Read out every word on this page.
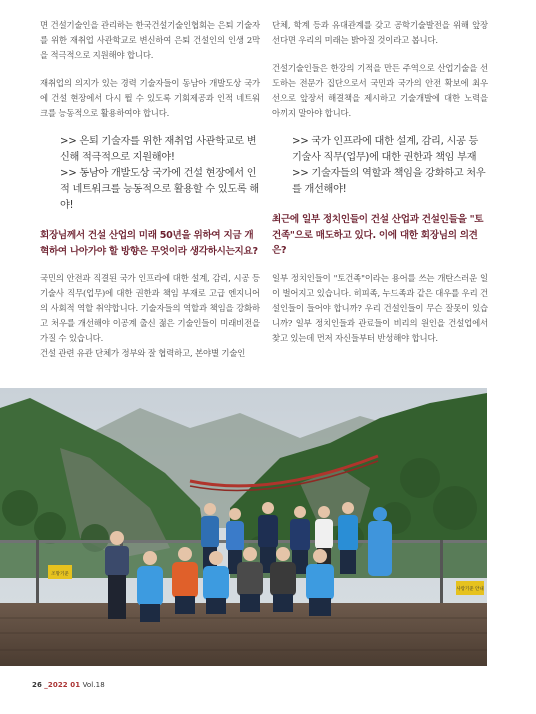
면 건설기술인을 관리하는 한국건설기술인협회는 은퇴 기술자를 위한 재취업 사관학교로 변신하여 은퇴 건설인의 인생 2막을 적극적으로 지원해야 합니다.

재취업의 의지가 있는 경력 기술자들이 동남아 개발도상 국가에 건설 현장에서 다시 뛸 수 있도록 기회제공과 인적 네트워크를 능동적으로 활용하여야 합니다.

>> 은퇴 기술자를 위한 재취업 사관학교로 변신해 적극적으로 지원해야!
>> 동남아 개발도상 국가에 건설 현장에서 인적 네트워크를 능동적으로 활용할 수 있도록 해야!
회장님께서 건설 산업의 미래 50년을 위하여 지금 개혁하여 나아가야 할 방향은 무엇이라 생각하시는지요?

국민의 안전과 직결된 국가 인프라에 대한 설계, 감리, 시공 등 기술사 직무(업무)에 대한 권한과 책임 부재로 고급 엔지니어의 사회적 역할 취약합니다. 기술자들의 역할과 책임을 강화하고 처우를 개선해야 이공계 출신 젊은 기술인들이 미래비전을 가질 수 있습니다.

건설 관련 유관 단체가 정부와 잘 협력하고, 본야별 기술인

단체, 학계 등과 유대관계를 갖고 공학기술발전을 위해 앞장선다면 우리의 미래는 밝아질 것이라고 봅니다.

건설기술인들은 한강의 기적을 만든 주역으로 산업기술을 선도하는 전문가 집단으로서 국민과 국가의 안전 확보에 최우선으로 앞장서 해결책을 제시하고 기술개발에 대한 노력을 아끼지 말아야 합니다.

>> 국가 인프라에 대한 설계, 감리, 시공 등 기술사 직무(업무)에 대한 권한과 책임 부재
>> 기술자들의 역할과 책임을 강화하고 처우를 개선해야!
최근에 일부 정치인들이 건설 산업과 건설인들을 "토건족"으로 매도하고 있다. 이에 대한 회장님의 의견은?

일부 정치인들이 "토건족"이라는 용어를 쓰는 개탄스러운 일이 벌어지고 있습니다. 히피족, 누드족과 같은 대우를 우리 건설인들이 들어야 합니까? 우리 건설인들이 무슨 잘못이 있습니까? 일부 정치인들과 관료들이 비리의 원인을 건설업에서 찾고 있는데 먼저 자신들부터 반성해야 합니다.

조망기준
사랑기준 안내
26 _2022 01 Vol.18
